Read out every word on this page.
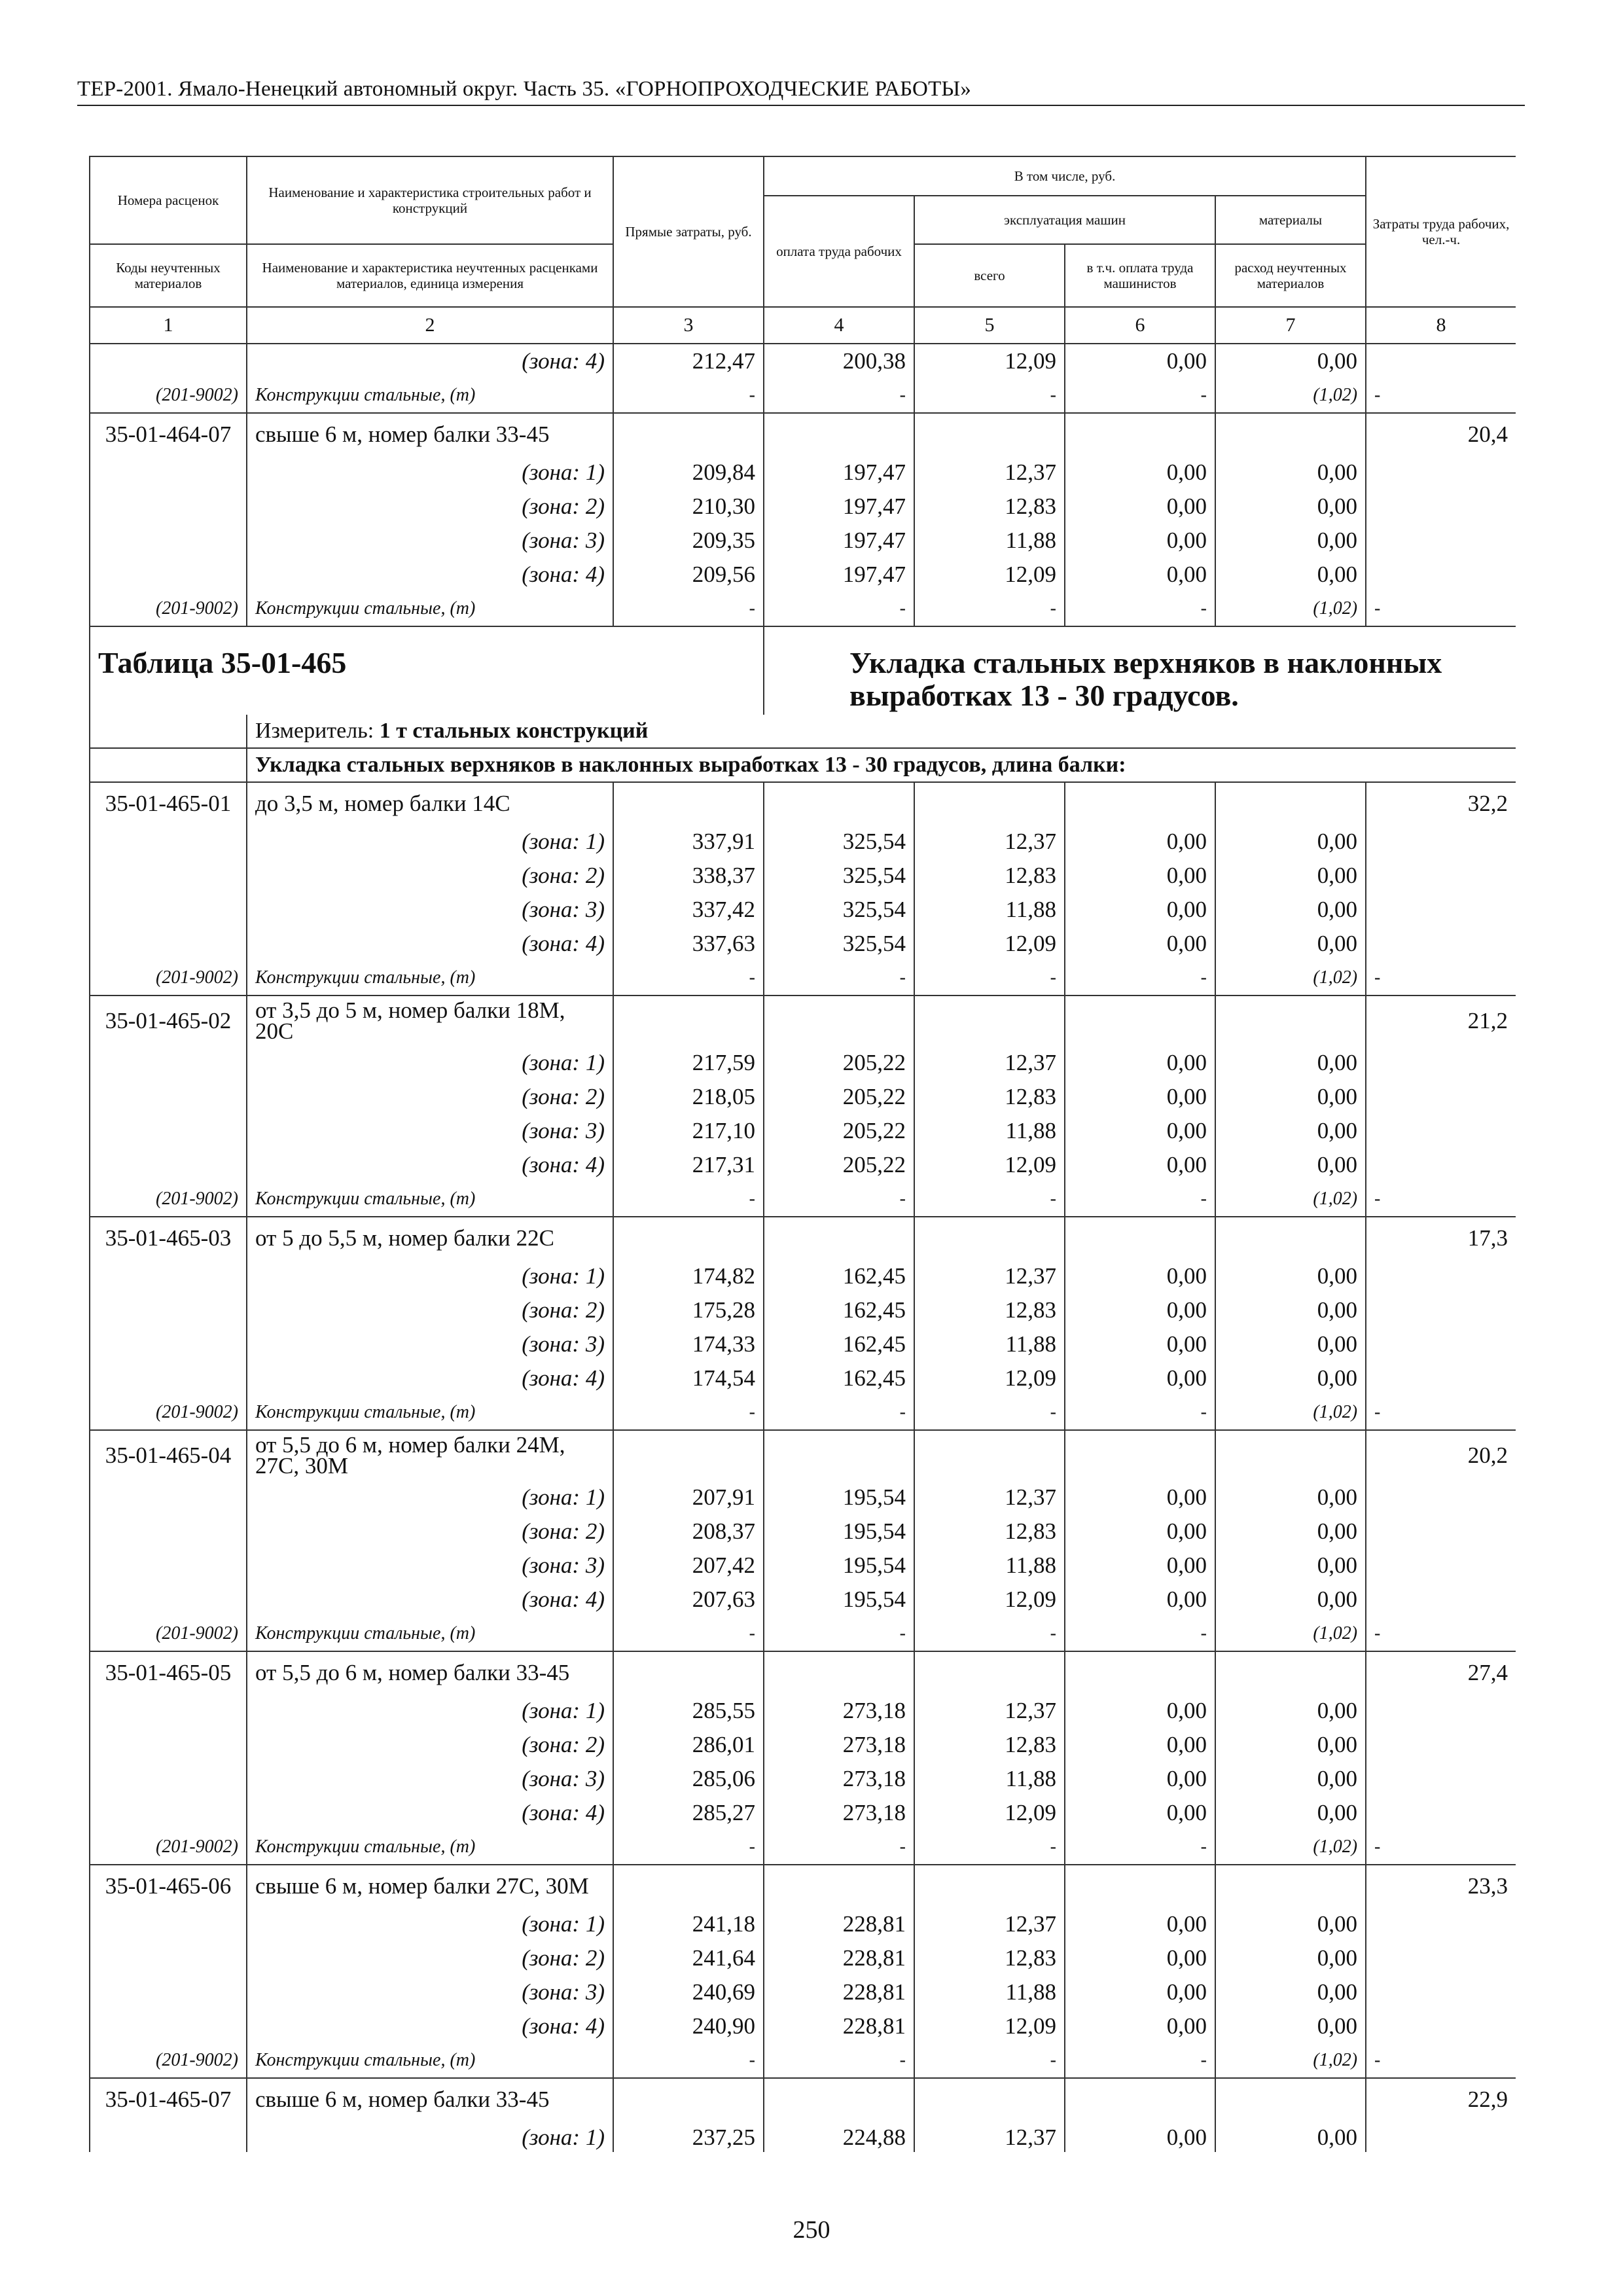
ТЕР-2001. Ямало-Ненецкий автономный округ. Часть 35. «ГОРНОПРОХОДЧЕСКИЕ РАБОТЫ»
Номера расценок	Наименование и характеристика строительных работ и конструкций	Прямые затраты, руб.	В том числе, руб.				Затраты труда рабочих, чел.-ч.
			оплата труда рабочих	эксплуатация машин		материалы	
Коды неучтенных материалов	Наименование и характеристика неучтенных расценками материалов, единица измерения			всего	в т.ч. оплата труда машинистов	расход неучтенных материалов	
1	2	3	4	5	6	7	8
	(зона: 4)	212,47	200,38	12,09	0,00	0,00	
(201-9002)	Конструкции стальные, (т)	-	-	-	-	(1,02)	-
35-01-464-07	свыше 6 м, номер балки 33-45						20,4
	(зона: 1)	209,84	197,47	12,37	0,00	0,00	
	(зона: 2)	210,30	197,47	12,83	0,00	0,00	
	(зона: 3)	209,35	197,47	11,88	0,00	0,00	
	(зона: 4)	209,56	197,47	12,09	0,00	0,00	
(201-9002)	Конструкции стальные, (т)	-	-	-	-	(1,02)	-
Таблица 35-01-465			Укладка стальных верхняков в наклонных выработках 13 - 30 градусов.				
	Измеритель: 1 т стальных конструкций						
	Укладка стальных верхняков в наклонных выработках 13 - 30 градусов, длина балки:						
35-01-465-01	до 3,5 м, номер балки 14С						32,2
	(зона: 1)	337,91	325,54	12,37	0,00	0,00	
	(зона: 2)	338,37	325,54	12,83	0,00	0,00	
	(зона: 3)	337,42	325,54	11,88	0,00	0,00	
	(зона: 4)	337,63	325,54	12,09	0,00	0,00	
(201-9002)	Конструкции стальные, (т)	-	-	-	-	(1,02)	-
35-01-465-02	от 3,5 до 5 м, номер балки 18М, 20С						21,2
	(зона: 1)	217,59	205,22	12,37	0,00	0,00	
	(зона: 2)	218,05	205,22	12,83	0,00	0,00	
	(зона: 3)	217,10	205,22	11,88	0,00	0,00	
	(зона: 4)	217,31	205,22	12,09	0,00	0,00	
(201-9002)	Конструкции стальные, (т)	-	-	-	-	(1,02)	-
35-01-465-03	от 5 до 5,5 м, номер балки 22С						17,3
	(зона: 1)	174,82	162,45	12,37	0,00	0,00	
	(зона: 2)	175,28	162,45	12,83	0,00	0,00	
	(зона: 3)	174,33	162,45	11,88	0,00	0,00	
	(зона: 4)	174,54	162,45	12,09	0,00	0,00	
(201-9002)	Конструкции стальные, (т)	-	-	-	-	(1,02)	-
35-01-465-04	от 5,5 до 6 м, номер балки 24М, 27С, 30М						20,2
	(зона: 1)	207,91	195,54	12,37	0,00	0,00	
	(зона: 2)	208,37	195,54	12,83	0,00	0,00	
	(зона: 3)	207,42	195,54	11,88	0,00	0,00	
	(зона: 4)	207,63	195,54	12,09	0,00	0,00	
(201-9002)	Конструкции стальные, (т)	-	-	-	-	(1,02)	-
35-01-465-05	от 5,5 до 6 м, номер балки 33-45						27,4
	(зона: 1)	285,55	273,18	12,37	0,00	0,00	
	(зона: 2)	286,01	273,18	12,83	0,00	0,00	
	(зона: 3)	285,06	273,18	11,88	0,00	0,00	
	(зона: 4)	285,27	273,18	12,09	0,00	0,00	
(201-9002)	Конструкции стальные, (т)	-	-	-	-	(1,02)	-
35-01-465-06	свыше 6 м, номер балки 27С, 30М						23,3
	(зона: 1)	241,18	228,81	12,37	0,00	0,00	
	(зона: 2)	241,64	228,81	12,83	0,00	0,00	
	(зона: 3)	240,69	228,81	11,88	0,00	0,00	
	(зона: 4)	240,90	228,81	12,09	0,00	0,00	
(201-9002)	Конструкции стальные, (т)	-	-	-	-	(1,02)	-
35-01-465-07	свыше 6 м, номер балки 33-45						22,9
	(зона: 1)	237,25	224,88	12,37	0,00	0,00	
250
